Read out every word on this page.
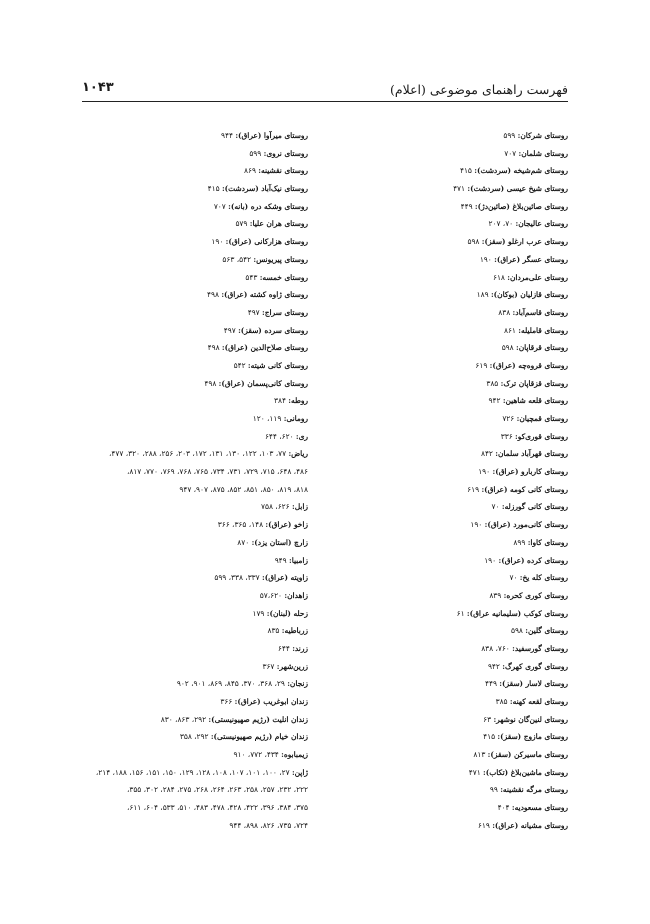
فهرست راهنمای موضوعی (اعلام)
۱۰۴۳
روستای شرکان: ۵۹۹
روستای شلمان: ۷۰۷
روستای شم‌شیخه (سردشت): ۴۱۵
روستای شیخ عیسی (سردشت): ۴۷۱
روستای صائین‌بلاغ (صائین‌دژ): ۴۴۹
روستای عالیجان: ۷۰، ۲۰۷
روستای عرب ارغلو (سقز): ۵۹۸
روستای عسگر (عراق): ۱۹۰
روستای علی‌مردان: ۶۱۸
روستای قازلیان (بوکان): ۱۸۹
روستای قاسم‌آباد: ۸۳۸
روستای قاملیله: ۸۶۱
روستای قرقاپان: ۵۹۸
روستای قروه‌چه (عراق): ۶۱۹
روستای قزقاپان ترک: ۳۸۵
روستای قلعه شاهین: ۹۴۲
روستای قمچیان: ۷۲۶
روستای قوری‌کو: ۳۳۶
روستای قهرآباد سلمان: ۸۴۲
روستای کاربارو (عراق): ۱۹۰
روستای کانی کومه (عراق): ۶۱۹
روستای کانی گورزله: ۷۰
روستای کانی‌مورد (عراق): ۱۹۰
روستای کاوا: ۸۹۹
روستای کرده (عراق): ۱۹۰
روستای کله یخ: ۷۰
روستای کوری کحره: ۸۳۹
روستای کوکب (سلیمانیه عراق): ۶۱
روستای گلین: ۵۹۸
روستای گورسفید: ۷۶۰، ۸۳۸
روستای گوری کهرگ: ۹۴۲
روستای لاسار (سقز): ۴۴۹
روستای لقعه کهنه: ۳۸۵
روستای لنین‌گان نوشهر: ۶۳
روستای مازوج (سقز): ۴۱۵
روستای ماسیرکن (سقز): ۸۱۳
روستای ماشین‌بلاغ (تکاب): ۴۷۱
روستای مرگه نقشینه: ۹۹
روستای مسعودیه: ۴۰۴
روستای مشیانه (عراق): ۶۱۹
روستای میرآوا (عراق): ۹۴۴
روستای نروی: ۵۹۹
روستای نقشینه: ۸۶۹
روستای نیک‌آباد (سردشت): ۴۱۵
روستای وشکه دره (بانه): ۷۰۷
روستای هران علیا: ۵۷۹
روستای هزارکانی (عراق): ۱۹۰
روستای پیریونس: ۵۴۲، ۵۶۳
روستای خمسه: ۵۴۳
روستای ژاوه کشته (عراق): ۴۹۸
روستای سراج: ۴۹۷
روستای سرده (سقز): ۴۹۷
روستای صلاح‌الدین (عراق): ۴۹۸
روستای کانی شیته: ۵۴۲
روستای کانی‌پسمان (عراق): ۴۹۸
روطه: ۳۸۴
رومانی: ۱۱۹، ۱۲۰
ری: ۶۲۰، ۶۴۴
ریاض: ۷۷، ۱۰۳، ۱۲۲، ۱۳۰، ۱۳۱، ۱۷۲، ۲۰۳، ۲۵۶، ۲۸۸، ۳۲۰، ۴۷۷،
۴۸۶، ۶۴۸، ۷۱۵، ۷۲۹، ۷۳۱، ۷۳۴، ۷۶۵، ۷۶۸، ۷۶۹، ۷۷۰، ۸۱۷،
۸۱۸، ۸۱۹، ۸۵۰، ۸۵۱، ۸۵۲، ۸۷۵، ۹۰۷، ۹۴۷
زابل: ۶۲۶، ۷۵۸
زاخو (عراق): ۱۴۸، ۳۶۵، ۳۶۶
زارچ (استان یزد): ۸۷۰
زامبیا: ۹۴۹
زاویته (عراق): ۳۳۷، ۳۳۸، ۵۹۹
زاهدان: ۵۷،۶۲۰
زحله (لبنان): ۱۷۹
زرباطیه: ۸۳۵
زرند: ۶۴۴
زرین‌شهر: ۳۶۷
زنجان: ۲۹، ۳۶۸، ۳۷۰، ۸۴۵، ۸۶۹، ۹۰۱، ۹۰۲
زندان ابوغریب (عراق): ۳۶۶
زندان انلیت (رژیم صهیونیستی): ۲۹۲، ۸۶۳، ۸۳۰
زندان خیام (رژیم صهیونیستی): ۲۹۲، ۳۵۸
زیمبابوه: ۴۳۴، ۷۷۲، ۹۱۰
ژاپن: ۲۷، ۱۰۰، ۱۰۱، ۱۰۷، ۱۰۸، ۱۲۸، ۱۲۹، ۱۵۰، ۱۵۱، ۱۵۶، ۱۸۸، ۲۱۴،
۲۲۲، ۲۳۲، ۲۵۷، ۲۵۸، ۲۶۳، ۲۶۴، ۲۶۸، ۲۷۵، ۲۸۴، ۳۰۲، ۳۵۵،
۳۷۵، ۳۸۴، ۳۹۶، ۴۲۲، ۴۲۸، ۴۷۸، ۴۸۳، ۵۱۰، ۵۳۳، ۶۰۴، ۶۱۱،
۷۲۴، ۷۳۵، ۸۲۶، ۸۹۸، ۹۴۴
